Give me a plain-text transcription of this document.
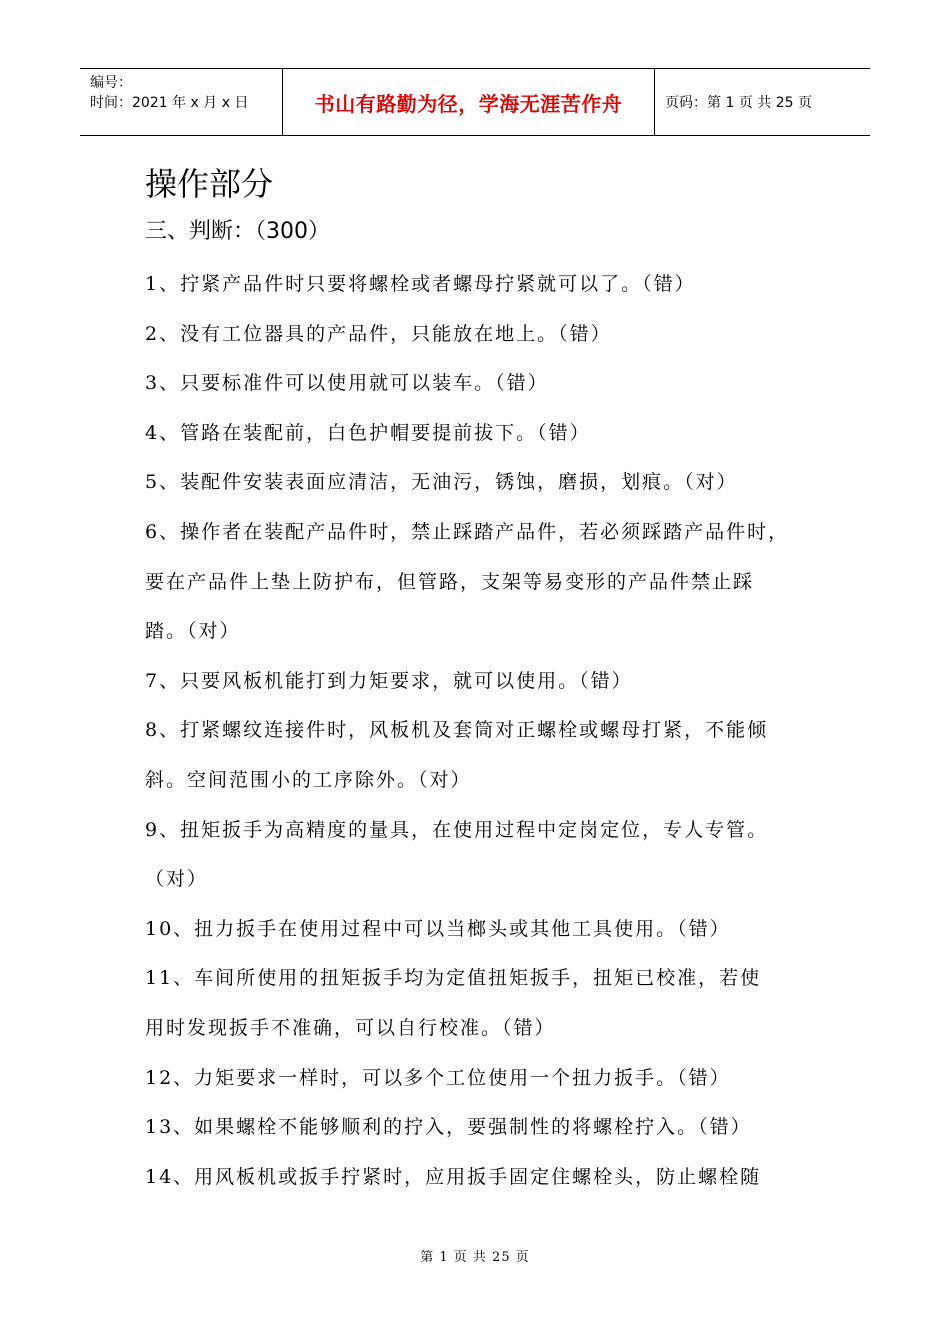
编号：
时间：2021 年 x 月 x 日	书山有路勤为径，学海无涯苦作舟	页码：第 1 页 共 25 页
操作部分
三、判断：（300）
1、拧紧产品件时只要将螺栓或者螺母拧紧就可以了。（错）
2、没有工位器具的产品件，只能放在地上。（错）
3、只要标准件可以使用就可以装车。（错）
4、管路在装配前，白色护帽要提前拔下。（错）
5、装配件安装表面应清洁，无油污，锈蚀，磨损，划痕。（对）
6、操作者在装配产品件时，禁止踩踏产品件，若必须踩踏产品件时，
要在产品件上垫上防护布，但管路，支架等易变形的产品件禁止踩
踏。（对）
7、只要风板机能打到力矩要求，就可以使用。（错）
8、打紧螺纹连接件时，风板机及套筒对正螺栓或螺母打紧，不能倾
斜。空间范围小的工序除外。（对）
9、扭矩扳手为高精度的量具，在使用过程中定岗定位，专人专管。
（对）
10、扭力扳手在使用过程中可以当榔头或其他工具使用。（错）
11、车间所使用的扭矩扳手均为定值扭矩扳手，扭矩已校准，若使
用时发现扳手不准确，可以自行校准。（错）
12、力矩要求一样时，可以多个工位使用一个扭力扳手。（错）
13、如果螺栓不能够顺利的拧入，要强制性的将螺栓拧入。（错）
14、用风板机或扳手拧紧时，应用扳手固定住螺栓头，防止螺栓随
第 1 页 共 25 页
